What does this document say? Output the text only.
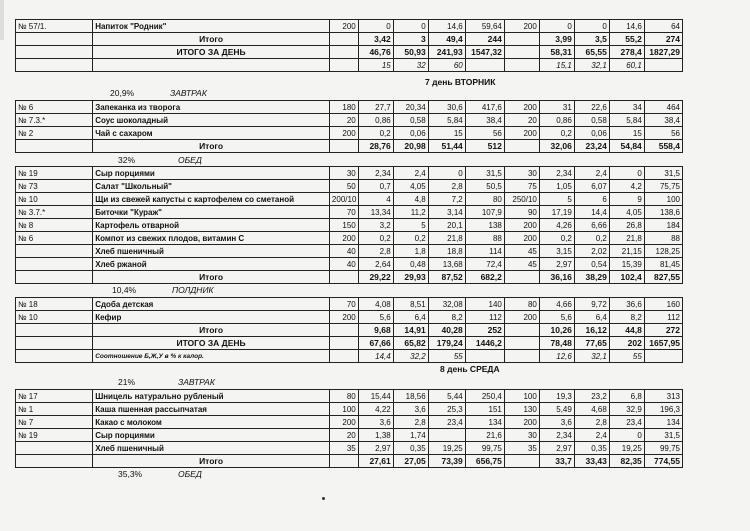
№ 57/1.	Напиток "Родник"	200	0	0	14,6	59,64	200	0	0	14,6	64
	Итого		3,42	3	49,4	244		3,99	3,5	55,2	274
	ИТОГО ЗА ДЕНЬ		46,76	50,93	241,93	1547,32		58,31	65,55	278,4	1827,29
			15	32	60			15,1	32,1	60,1	
7 день ВТОРНИК
20,9%	ЗАВТРАК
№ 6	Запеканка из творога	180	27,7	20,34	30,6	417,6	200	31	22,6	34	464
№ 7.3.*	Соус шоколадный	20	0,86	0,58	5,84	38,4	20	0,86	0,58	5,84	38,4
№ 2	Чай с сахаром	200	0,2	0,06	15	56	200	0,2	0,06	15	56
	Итого		28,76	20,98	51,44	512		32,06	23,24	54,84	558,4
32%	ОБЕД
№ 19	Сыр порциями	30	2,34	2,4	0	31,5	30	2,34	2,4	0	31,5
№ 73	Салат "Школьный"	50	0,7	4,05	2,8	50,5	75	1,05	6,07	4,2	75,75
№ 10	Щи из свежей капусты с картофелем со сметаной	200/10	4	4,8	7,2	80	250/10	5	6	9	100
№ 3.7.*	Биточки "Кураж"	70	13,34	11,2	3,14	107,9	90	17,19	14,4	4,05	138,6
№ 8	Картофель отварной	150	3,2	5	20,1	138	200	4,26	6,66	26,8	184
№ 6	Компот из свежих плодов, витамин С	200	0,2	0,2	21,8	88	200	0,2	0,2	21,8	88
	Хлеб пшеничный	40	2,8	1,8	18,8	114	45	3,15	2,02	21,15	128,25
	Хлеб ржаной	40	2,64	0,48	13,68	72,4	45	2,97	0,54	15,39	81,45
	Итого		29,22	29,93	87,52	682,2		36,16	38,29	102,4	827,55
10,4%	ПОЛДНИК
№ 18	Сдоба детская	70	4,08	8,51	32,08	140	80	4,66	9,72	36,6	160
№ 10	Кефир	200	5,6	6,4	8,2	112	200	5,6	6,4	8,2	112
	Итого		9,68	14,91	40,28	252		10,26	16,12	44,8	272
	ИТОГО ЗА ДЕНЬ		67,66	65,82	179,24	1446,2		78,48	77,65	202	1657,95
	Соотношение Б,Ж,У в % к калор.		14,4	32,2	55			12,6	32,1	55	
8 день СРЕДА
21%	ЗАВТРАК
№ 17	Шницель натурально рубленый	80	15,44	18,56	5,44	250,4	100	19,3	23,2	6,8	313
№ 1	Каша пшенная рассыпчатая	100	4,22	3,6	25,3	151	130	5,49	4,68	32,9	196,3
№ 7	Какао с молоком	200	3,6	2,8	23,4	134	200	3,6	2,8	23,4	134
№ 19	Сыр порциями	20	1,38	1,74		21,6	30	2,34	2,4	0	31,5
	Хлеб пшеничный	35	2,97	0,35	19,25	99,75	35	2,97	0,35	19,25	99,75
	Итого		27,61	27,05	73,39	656,75		33,7	33,43	82,35	774,55
35,3%	ОБЕД
